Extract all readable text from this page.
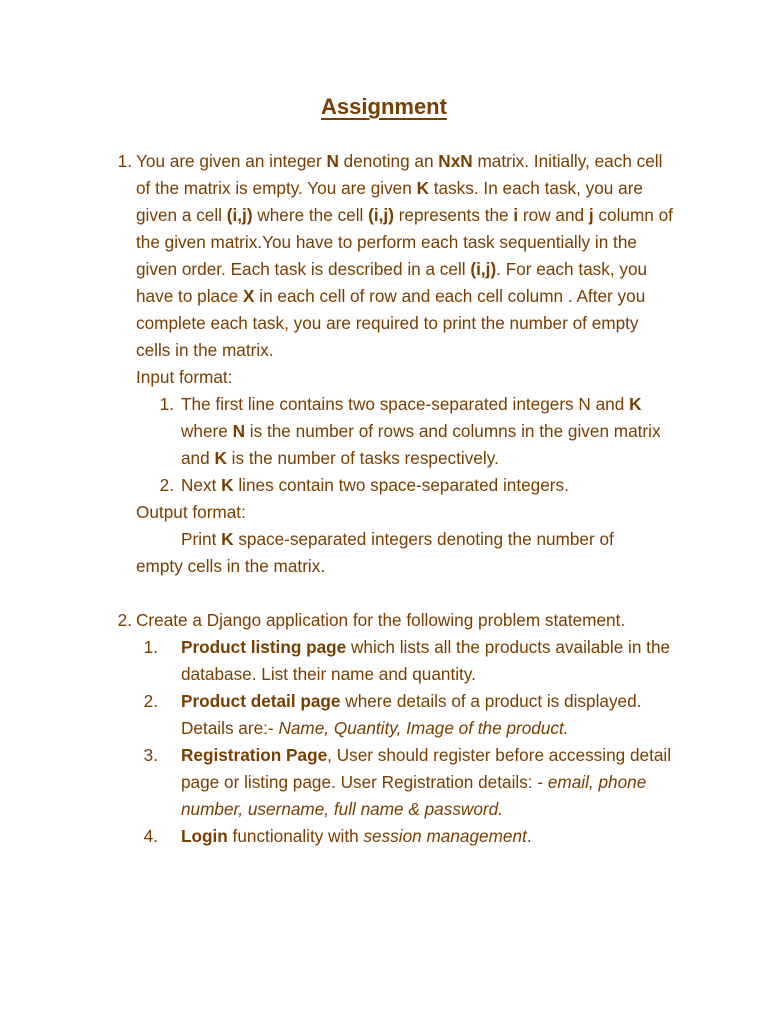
Assignment
1. You are given an integer N denoting an NxN matrix. Initially, each cell of the matrix is empty. You are given K tasks. In each task, you are given a cell (i,j) where the cell (i,j) represents the i row and j column of the given matrix.You have to perform each task sequentially in the given order. Each task is described in a cell (i,j). For each task, you have to place X in each cell of row and each cell column . After you complete each task, you are required to print the number of empty cells in the matrix.
Input format:
1. The first line contains two space-separated integers N and K where N is the number of rows and columns in the given matrix and K is the number of tasks respectively.
2. Next K lines contain two space-separated integers.
Output format:
Print K space-separated integers denoting the number of
empty cells in the matrix.
2. Create a Django application for the following problem statement.
1. Product listing page which lists all the products available in the database. List their name and quantity.
2. Product detail page where details of a product is displayed. Details are:- Name, Quantity, Image of the product.
3. Registration Page, User should register before accessing detail page or listing page. User Registration details: - email, phone number, username, full name & password.
4. Login functionality with session management.
